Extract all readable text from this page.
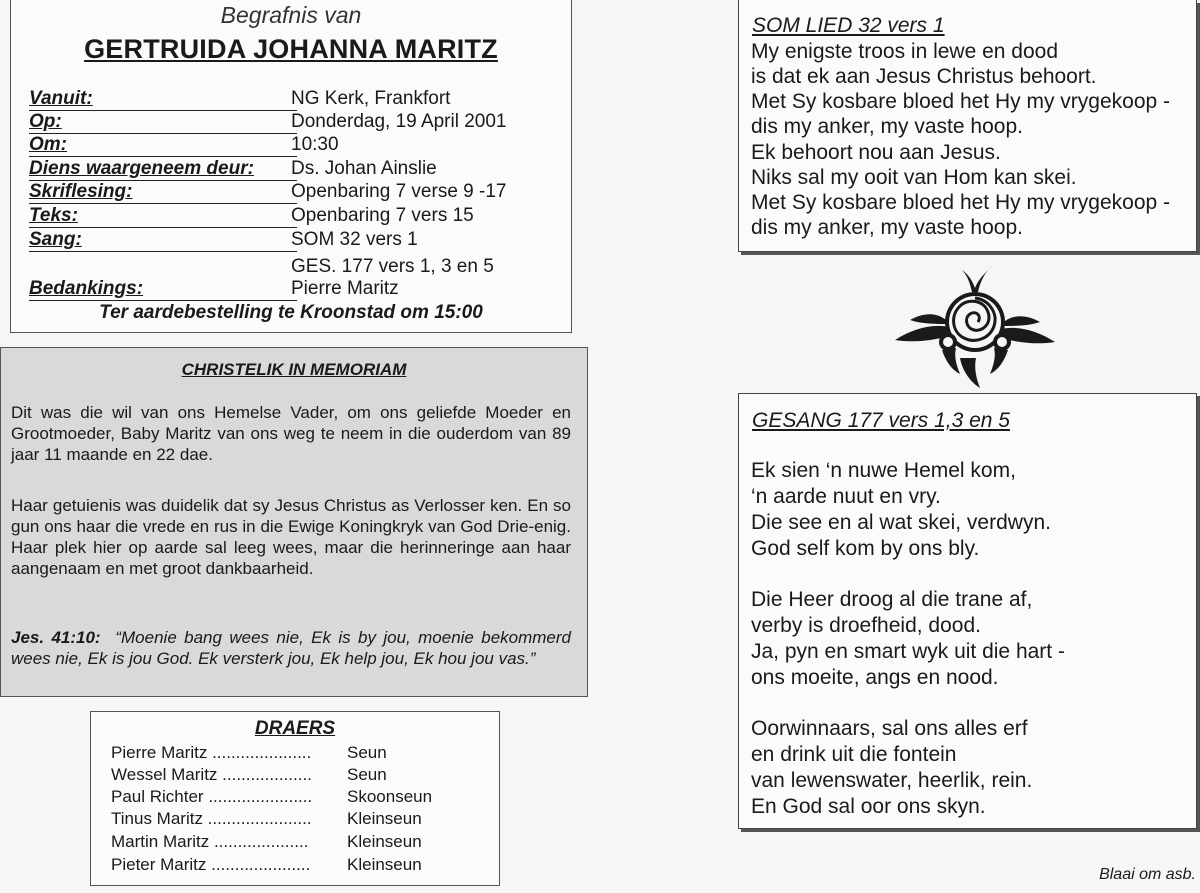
Begrafnis van
GERTRUIDA JOHANNA MARITZ
Vanuit:	NG Kerk, Frankfort
Op:	Donderdag, 19 April 2001
Om:	10:30
Diens waargeneem deur:	Ds. Johan Ainslie
Skriflesing:	Openbaring 7 verse 9 -17
Teks:	Openbaring 7 vers 15
Sang:	SOM 32 vers 1
GES. 177 vers 1, 3 en 5
Bedankings:	Pierre Maritz
Ter aardebestelling te Kroonstad om 15:00
CHRISTELIK IN MEMORIAM
Dit was die wil van ons Hemelse Vader, om ons geliefde Moeder en Grootmoeder, Baby Maritz van ons weg te neem in die ouderdom van 89 jaar 11 maande en 22 dae.
Haar getuienis was duidelik dat sy Jesus Christus as Verlosser ken. En so gun ons haar die vrede en rus in die Ewige Koningkryk van God Drie-enig. Haar plek hier op aarde sal leeg wees, maar die herinneringe aan haar aangenaam en met groot dankbaarheid.
Jes. 41:10: “Moenie bang wees nie, Ek is by jou, moenie bekommerd wees nie, Ek is jou God. Ek versterk jou, Ek help jou, Ek hou jou vas.”
DRAERS
Pierre Maritz ..................... Seun
Wessel Maritz ................... Seun
Paul Richter ...................... Skoonseun
Tinus Maritz ...................... Kleinseun
Martin Maritz .................... Kleinseun
Pieter Maritz ..................... Kleinseun
SOM LIED 32 vers 1
My enigste troos in lewe en dood
is dat ek aan Jesus Christus behoort.
Met Sy kosbare bloed het Hy my vrygekoop -
dis my anker, my vaste hoop.
Ek behoort nou aan Jesus.
Niks sal my ooit van Hom kan skei.
Met Sy kosbare bloed het Hy my vrygekoop -
dis my anker, my vaste hoop.
GESANG 177 vers 1,3 en 5
Ek sien ‘n nuwe Hemel kom,
‘n aarde nuut en vry.
Die see en al wat skei, verdwyn.
God self kom by ons bly.
Die Heer droog al die trane af,
verby is droefheid, dood.
Ja, pyn en smart wyk uit die hart -
ons moeite, angs en nood.
Oorwinnaars, sal ons alles erf
en drink uit die fontein
van lewenswater, heerlik, rein.
En God sal oor ons skyn.
Blaai om asb.
